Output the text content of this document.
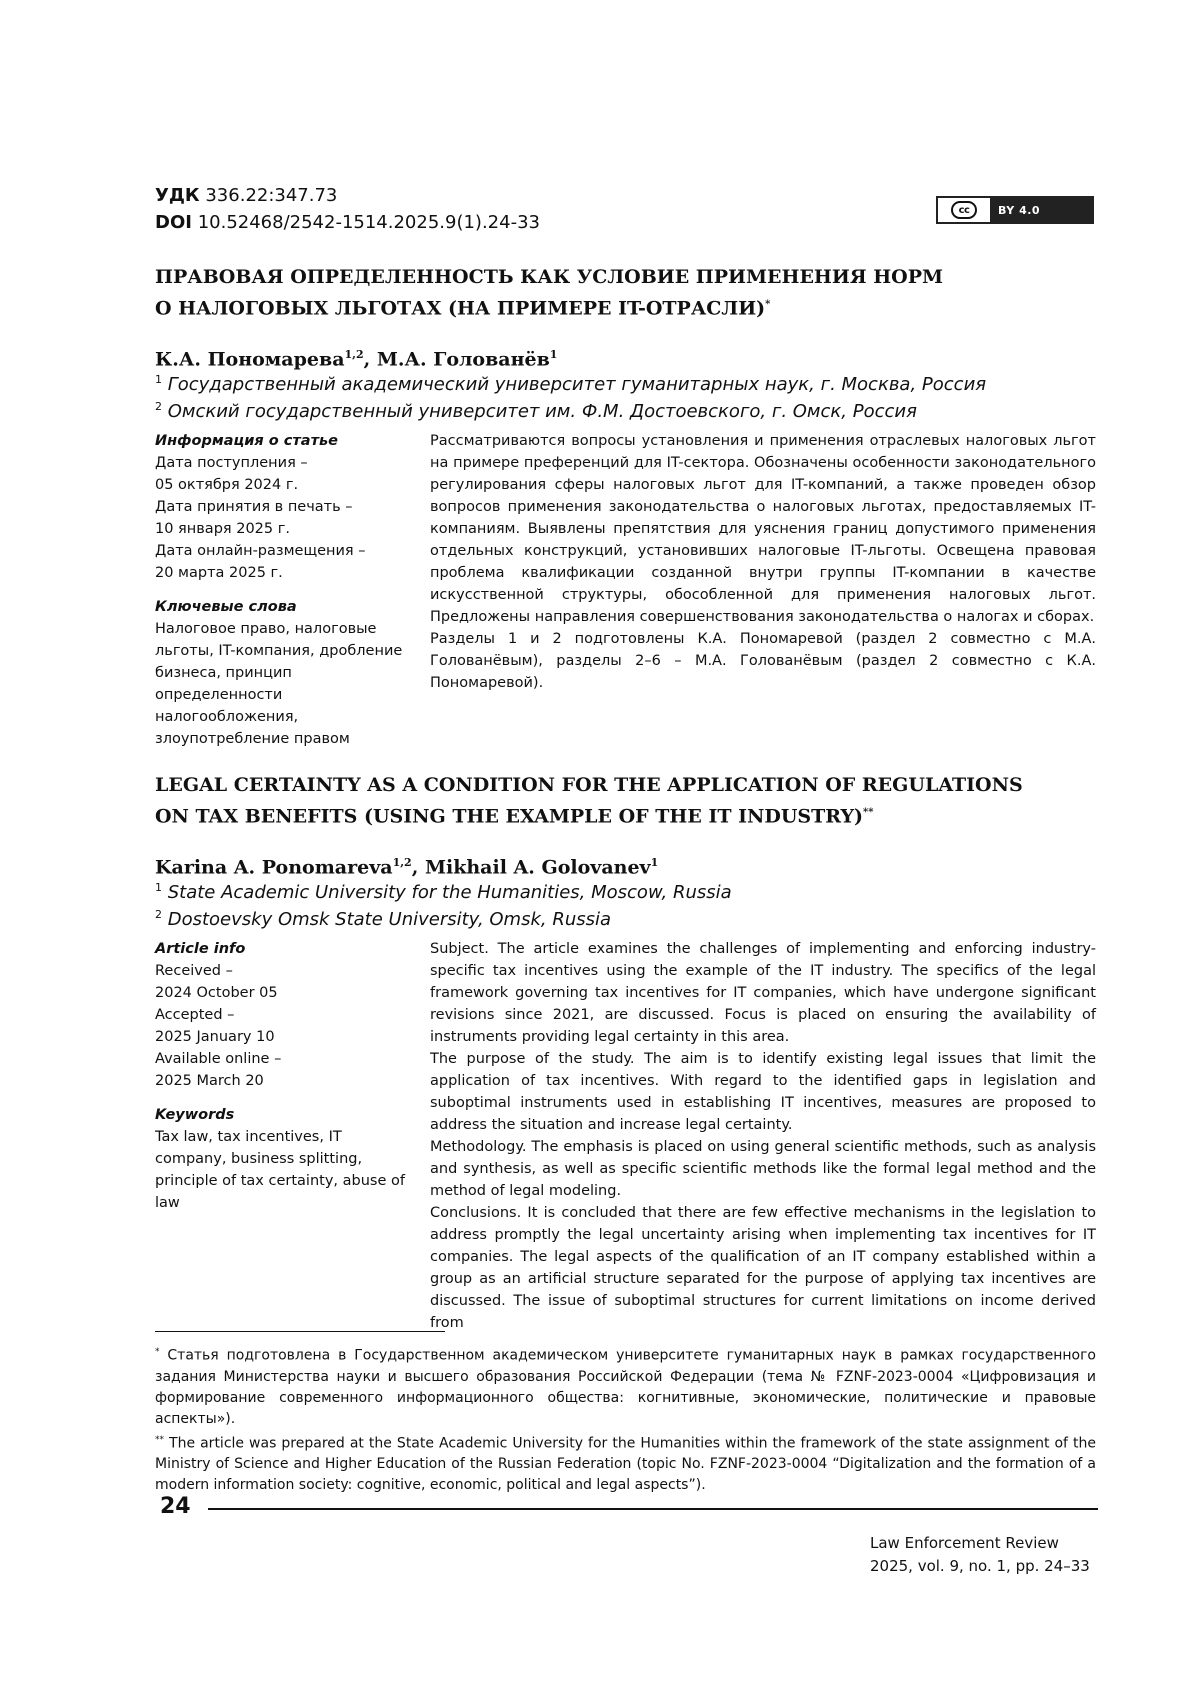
УДК 336.22:347.73
DOI 10.52468/2542-1514.2025.9(1).24-33
cc	BY 4.0
ПРАВОВАЯ ОПРЕДЕЛЕННОСТЬ КАК УСЛОВИЕ ПРИМЕНЕНИЯ НОРМ
О НАЛОГОВЫХ ЛЬГОТАХ (НА ПРИМЕРЕ IT-ОТРАСЛИ)*
К.А. Пономарева$^{1,2}$, М.А. Голованёв$^1$
$^1$ Государственный академический университет гуманитарных наук, г. Москва, Россия
$^2$ Омский государственный университет им. Ф.М. Достоевского, г. Омск, Россия

Информация о статье

Дата поступления –

05 октября 2024 г.

Дата принятия в печать –

10 января 2025 г.

Дата онлайн-размещения –

20 марта 2025 г.

Ключевые слова

Налоговое право, налоговые льготы, IT-компания, дробление бизнеса, принцип определенности налогообложения, злоупотребление правом

Рассматриваются вопросы установления и применения отраслевых налоговых льгот на примере преференций для IT-сектора. Обозначены особенности законодательного регулирования сферы налоговых льгот для IT-компаний, а также проведен обзор вопросов применения законодательства о налоговых льготах, предоставляемых IT-компаниям. Выявлены препятствия для уяснения границ допустимого применения отдельных конструкций, установивших налоговые IT-льготы. Освещена правовая проблема квалификации созданной внутри группы IT-компании в качестве искусственной структуры, обособленной для применения налоговых льгот. Предложены направления совершенствования законодательства о налогах и сборах.

Разделы 1 и 2 подготовлены К.А. Пономаревой (раздел 2 совместно с М.А. Голованёвым), разделы 2–6 – М.А. Голованёвым (раздел 2 совместно с К.А. Пономаревой).

LEGAL CERTAINTY AS A CONDITION FOR THE APPLICATION OF REGULATIONS
ON TAX BENEFITS (USING THE EXAMPLE OF THE IT INDUSTRY)**
Karina A. Ponomareva$^{1,2}$, Mikhail A. Golovanev$^1$
$^1$ State Academic University for the Humanities, Moscow, Russia
$^2$ Dostoevsky Omsk State University, Omsk, Russia

Article info

Received –

2024 October 05

Accepted –

2025 January 10

Available online –

2025 March 20

Keywords

Tax law, tax incentives, IT company, business splitting, principle of tax certainty, abuse of law

Subject. The article examines the challenges of implementing and enforcing industry-specific tax incentives using the example of the IT industry. The specifics of the legal framework governing tax incentives for IT companies, which have undergone significant revisions since 2021, are discussed. Focus is placed on ensuring the availability of instruments providing legal certainty in this area.

The purpose of the study. The aim is to identify existing legal issues that limit the application of tax incentives. With regard to the identified gaps in legislation and suboptimal instruments used in establishing IT incentives, measures are proposed to address the situation and increase legal certainty.

Methodology. The emphasis is placed on using general scientific methods, such as analysis and synthesis, as well as specific scientific methods like the formal legal method and the method of legal modeling.

Conclusions. It is concluded that there are few effective mechanisms in the legislation to address promptly the legal uncertainty arising when implementing tax incentives for IT companies. The legal aspects of the qualification of an IT company established within a group as an artificial structure separated for the purpose of applying tax incentives are discussed. The issue of suboptimal structures for current limitations on income derived from

* Статья подготовлена в Государственном академическом университете гуманитарных наук в рамках государственного задания Министерства науки и высшего образования Российской Федерации (тема № FZNF-2023-0004 «Цифровизация и формирование современного информационного общества: когнитивные, экономические, политические и правовые аспекты»).

** The article was prepared at the State Academic University for the Humanities within the framework of the state assignment of the Ministry of Science and Higher Education of the Russian Federation (topic No. FZNF-2023-0004 “Digitalization and the formation of a modern information society: cognitive, economic, political and legal aspects”).

24
Law Enforcement Review
2025, vol. 9, no. 1, pp. 24–33
